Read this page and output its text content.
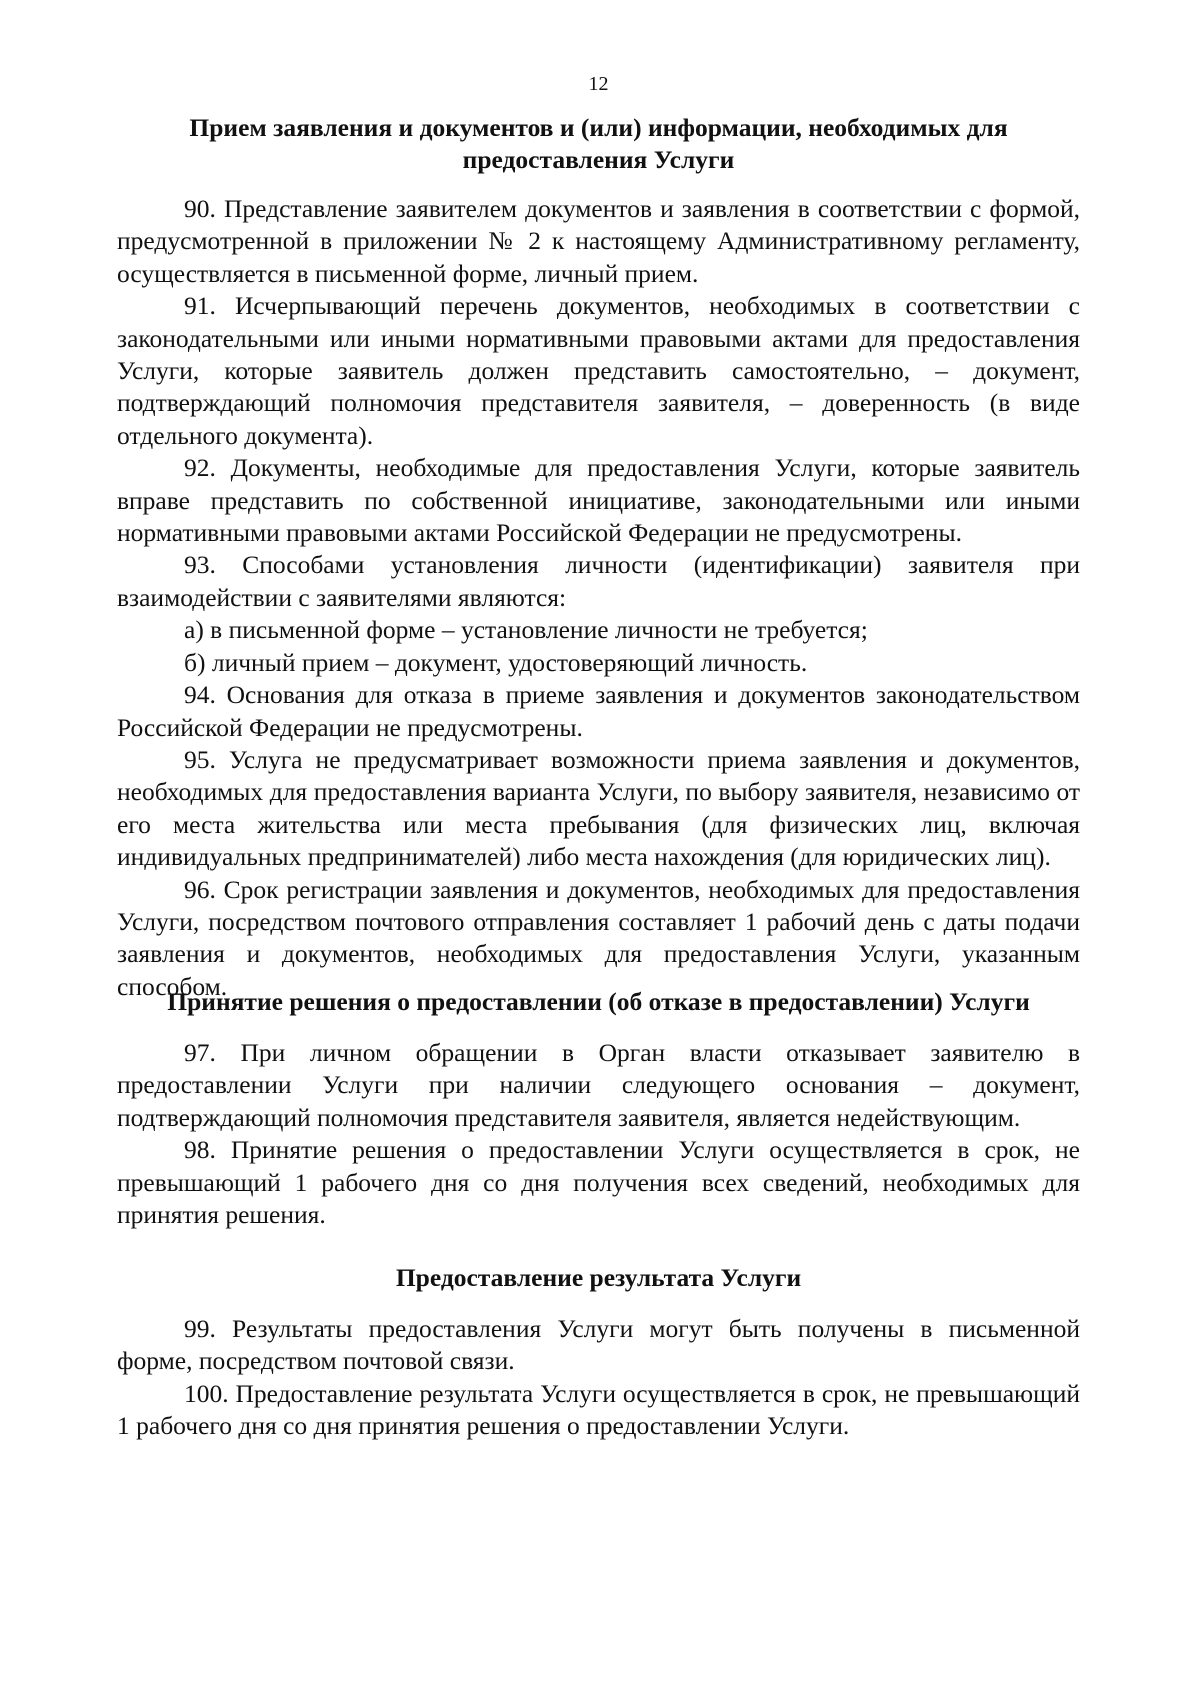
12
Прием заявления и документов и (или) информации, необходимых для
предоставления Услуги

90. Представление заявителем документов и заявления в соответствии с формой, предусмотренной в приложении № 2 к настоящему Административному регламенту, осуществляется в письменной форме, личный прием.

91. Исчерпывающий перечень документов, необходимых в соответствии с законодательными или иными нормативными правовыми актами для предоставления Услуги, которые заявитель должен представить самостоятельно, – документ, подтверждающий полномочия представителя заявителя, – доверенность (в виде отдельного документа).

92. Документы, необходимые для предоставления Услуги, которые заявитель вправе представить по собственной инициативе, законодательными или иными нормативными правовыми актами Российской Федерации не предусмотрены.

93. Способами установления личности (идентификации) заявителя при взаимодействии с заявителями являются:

а) в письменной форме – установление личности не требуется;

б) личный прием – документ, удостоверяющий личность.

94. Основания для отказа в приеме заявления и документов законодательством Российской Федерации не предусмотрены.

95. Услуга не предусматривает возможности приема заявления и документов, необходимых для предоставления варианта Услуги, по выбору заявителя, независимо от его места жительства или места пребывания (для физических лиц, включая индивидуальных предпринимателей) либо места нахождения (для юридических лиц).

96. Срок регистрации заявления и документов, необходимых для предоставления Услуги, посредством почтового отправления составляет 1 рабочий день с даты подачи заявления и документов, необходимых для предоставления Услуги, указанным способом.

Принятие решения о предоставлении (об отказе в предоставлении) Услуги

97. При личном обращении в Орган власти отказывает заявителю в предоставлении Услуги при наличии следующего основания – документ, подтверждающий полномочия представителя заявителя, является недействующим.

98. Принятие решения о предоставлении Услуги осуществляется в срок, не превышающий 1 рабочего дня со дня получения всех сведений, необходимых для принятия решения.

Предоставление результата Услуги

99. Результаты предоставления Услуги могут быть получены в письменной форме, посредством почтовой связи.

100. Предоставление результата Услуги осуществляется в срок, не превышающий 1 рабочего дня со дня принятия решения о предоставлении Услуги.
